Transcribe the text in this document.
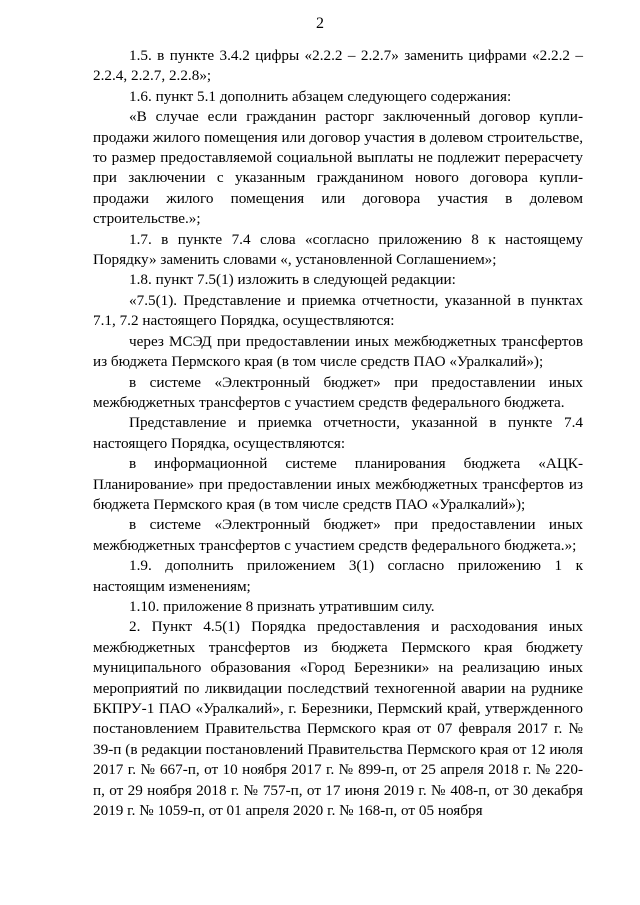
2

1.5. в пункте 3.4.2 цифры «2.2.2 – 2.2.7» заменить цифрами «2.2.2 – 2.2.4, 2.2.7, 2.2.8»;

1.6. пункт 5.1 дополнить абзацем следующего содержания:

«В случае если гражданин расторг заключенный договор купли-продажи жилого помещения или договор участия в долевом строительстве, то размер предоставляемой социальной выплаты не подлежит перерасчету при заключении с указанным гражданином нового договора купли-продажи жилого помещения или договора участия в долевом строительстве.»;

1.7. в пункте 7.4 слова «согласно приложению 8 к настоящему Порядку» заменить словами «, установленной Соглашением»;

1.8. пункт 7.5(1) изложить в следующей редакции:

«7.5(1). Представление и приемка отчетности, указанной в пунктах 7.1, 7.2 настоящего Порядка, осуществляются:

через МСЭД при предоставлении иных межбюджетных трансфертов из бюджета Пермского края (в том числе средств ПАО «Уралкалий»);

в системе «Электронный бюджет» при предоставлении иных межбюджетных трансфертов с участием средств федерального бюджета.

Представление и приемка отчетности, указанной в пункте 7.4 настоящего Порядка, осуществляются:

в информационной системе планирования бюджета «АЦК-Планирование» при предоставлении иных межбюджетных трансфертов из бюджета Пермского края (в том числе средств ПАО «Уралкалий»);

в системе «Электронный бюджет» при предоставлении иных межбюджетных трансфертов с участием средств федерального бюджета.»;

1.9. дополнить приложением 3(1) согласно приложению 1 к настоящим изменениям;

1.10. приложение 8 признать утратившим силу.

2. Пункт 4.5(1) Порядка предоставления и расходования иных межбюджетных трансфертов из бюджета Пермского края бюджету муниципального образования «Город Березники» на реализацию иных мероприятий по ликвидации последствий техногенной аварии на руднике БКПРУ-1 ПАО «Уралкалий», г. Березники, Пермский край, утвержденного постановлением Правительства Пермского края от 07 февраля 2017 г. № 39-п (в редакции постановлений Правительства Пермского края от 12 июля 2017 г. № 667-п, от 10 ноября 2017 г. № 899-п, от 25 апреля 2018 г. № 220-п, от 29 ноября 2018 г. № 757-п, от 17 июня 2019 г. № 408-п, от 30 декабря 2019 г. № 1059-п, от 01 апреля 2020 г. № 168-п, от 05 ноября
